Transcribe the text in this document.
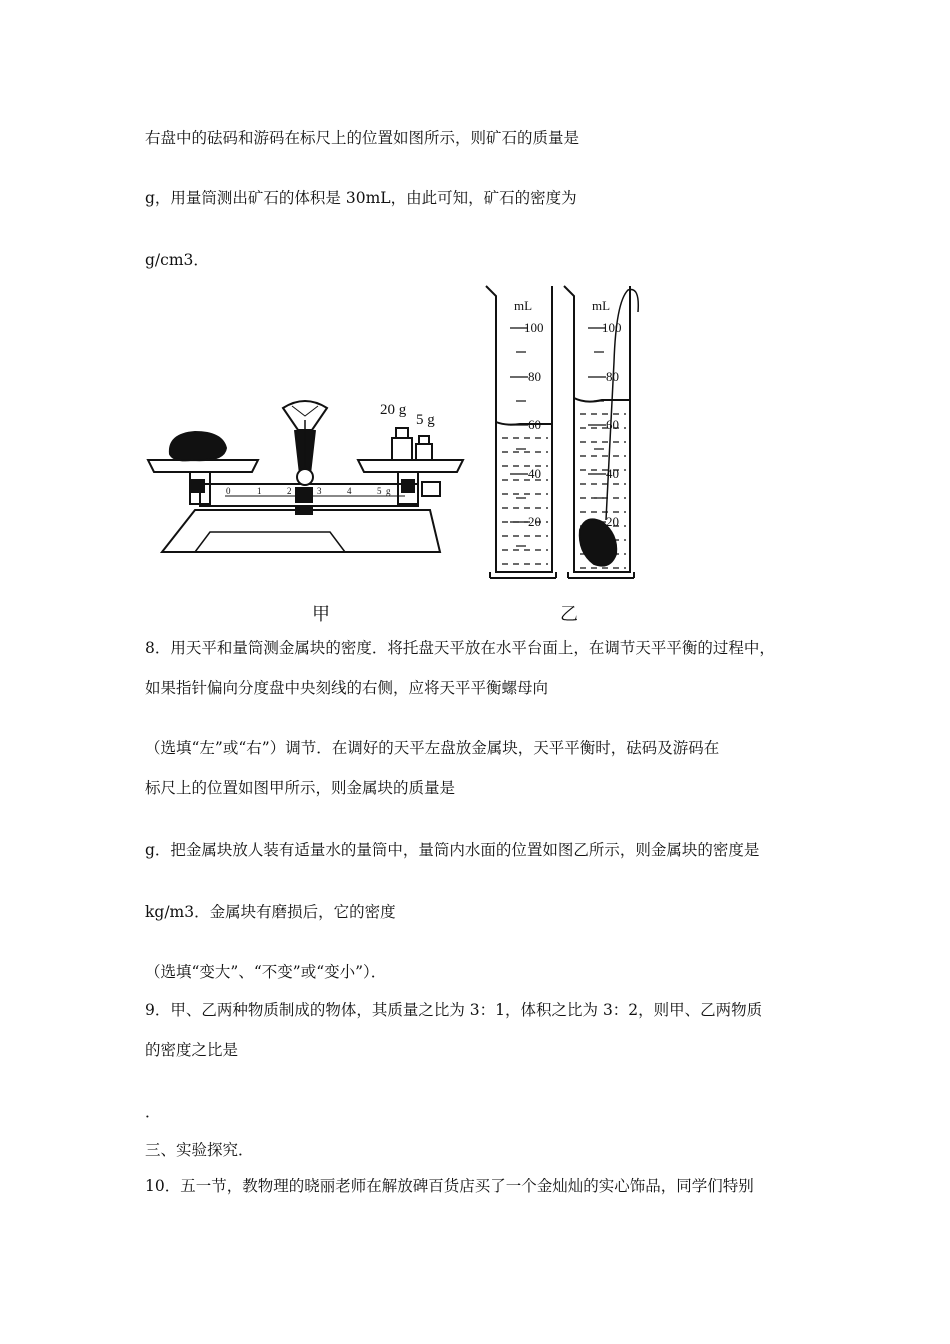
右盘中的砝码和游码在标尺上的位置如图所示，则矿石的质量是
g，用量筒测出矿石的体积是 30mL，由此可知，矿石的密度为
g/cm3．
0	1	2	3	4	5 g
20 g
5 g
mL
100
80
60
40
20
mL
100
80
60
40
20
甲	乙
8．用天平和量筒测金属块的密度．将托盘天平放在水平台面上，在调节天平平衡的过程中，
如果指针偏向分度盘中央刻线的右侧，应将天平平衡螺母向
（选填“左”或“右”）调节．在调好的天平左盘放金属块，天平平衡时，砝码及游码在
标尺上的位置如图甲所示，则金属块的质量是
g．把金属块放人装有适量水的量筒中，量筒内水面的位置如图乙所示，则金属块的密度是
kg/m3．金属块有磨损后，它的密度
（选填“变大”、“不变”或“变小”）．
9．甲、乙两种物质制成的物体，其质量之比为 3：1，体积之比为 3：2，则甲、乙两物质
的密度之比是
．
三、实验探究．
10．五一节，教物理的晓丽老师在解放碑百货店买了一个金灿灿的实心饰品，同学们特别
